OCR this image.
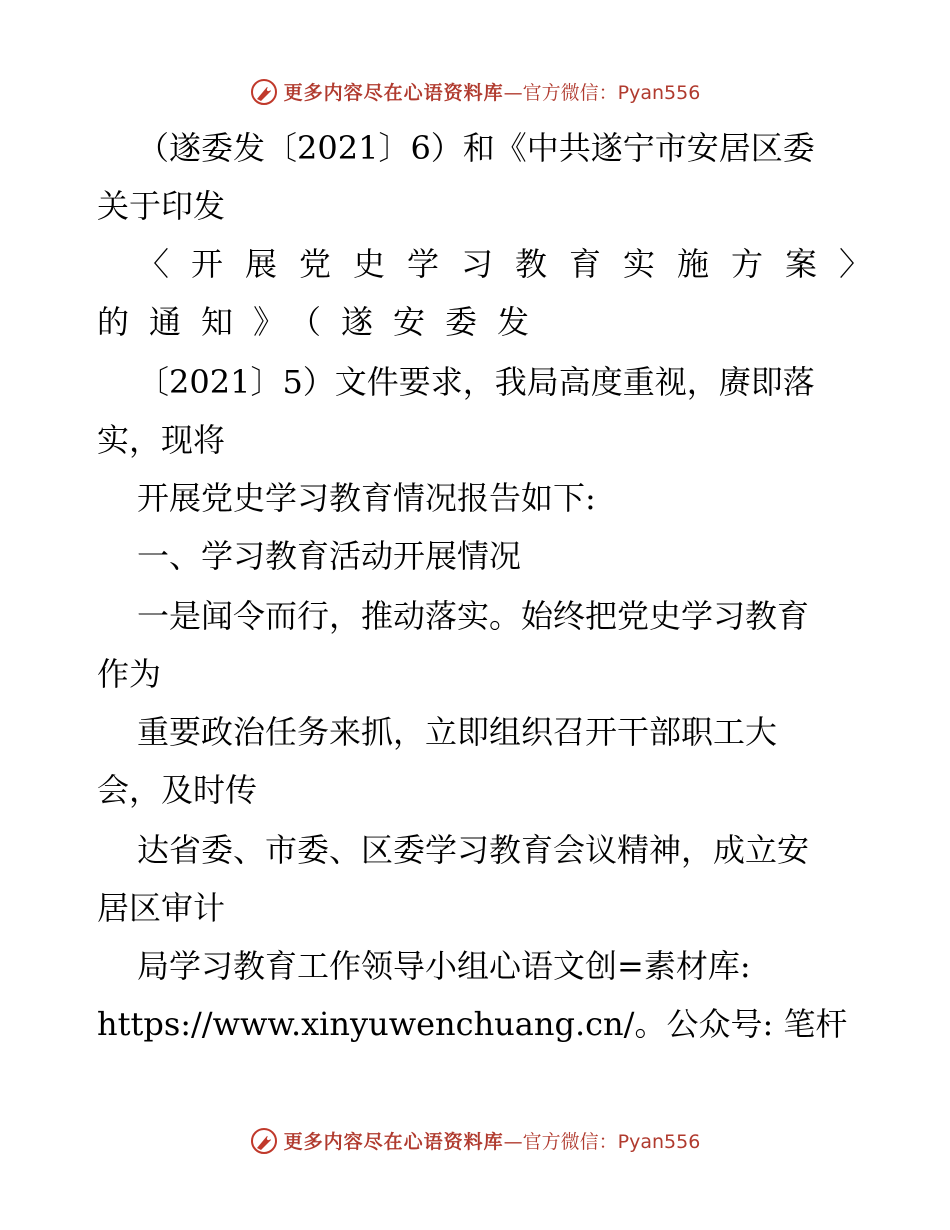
更多内容尽在心语资料库—官方微信：Pyan556
（遂委发〔2021〕6）和《中共遂宁市安居区委
关于印发
〈开展党史学习教育实施方案〉
的通知》（遂安委发
〔2021〕5）文件要求，我局高度重视，赓即落
实，现将
开展党史学习教育情况报告如下:
一、学习教育活动开展情况
一是闻令而行，推动落实。始终把党史学习教育
作为
重要政治任务来抓，立即组织召开干部职工大
会，及时传
达省委、市委、区委学习教育会议精神，成立安
居区审计
局学习教育工作领导小组心语文创=素材库:
https://www.xinyuwenchuang.cn/。公众号: 笔杆
更多内容尽在心语资料库—官方微信：Pyan556
